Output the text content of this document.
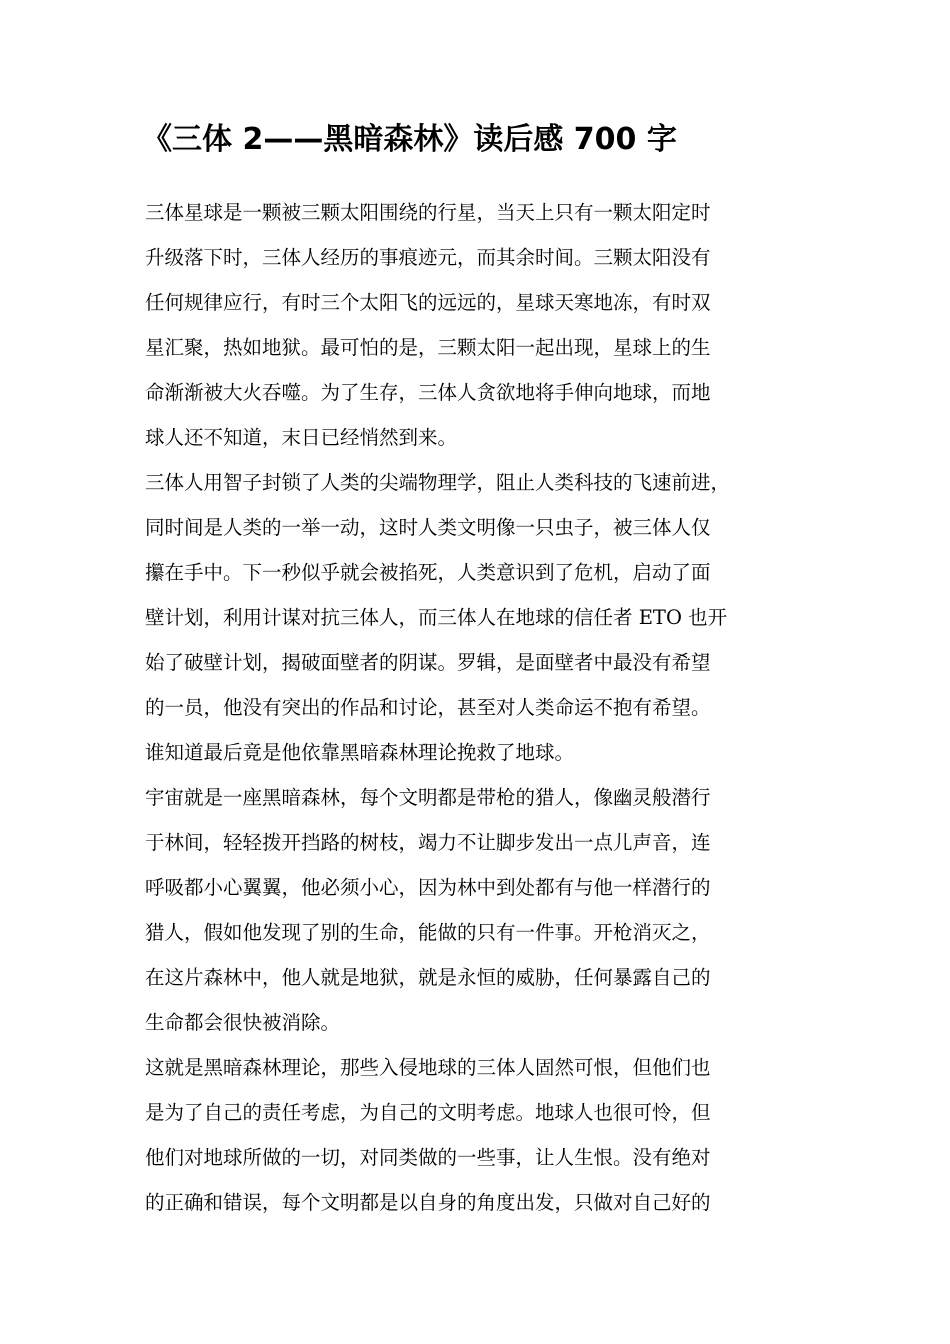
《三体 2——黑暗森林》读后感 700 字
三体星球是一颗被三颗太阳围绕的行星，当天上只有一颗太阳定时
升级落下时，三体人经历的事痕迹元，而其余时间。三颗太阳没有
任何规律应行，有时三个太阳飞的远远的，星球天寒地冻，有时双
星汇聚，热如地狱。最可怕的是，三颗太阳一起出现，星球上的生
命渐渐被大火吞噬。为了生存，三体人贪欲地将手伸向地球，而地
球人还不知道，末日已经悄然到来。
三体人用智子封锁了人类的尖端物理学，阻止人类科技的飞速前进，
同时间是人类的一举一动，这时人类文明像一只虫子，被三体人仅
攥在手中。下一秒似乎就会被掐死，人类意识到了危机，启动了面
壁计划，利用计谋对抗三体人，而三体人在地球的信任者 ETO 也开
始了破壁计划，揭破面壁者的阴谋。罗辑，是面壁者中最没有希望
的一员，他没有突出的作品和讨论，甚至对人类命运不抱有希望。
谁知道最后竟是他依靠黑暗森林理论挽救了地球。
宇宙就是一座黑暗森林，每个文明都是带枪的猎人，像幽灵般潜行
于林间，轻轻拨开挡路的树枝，竭力不让脚步发出一点儿声音，连
呼吸都小心翼翼，他必须小心，因为林中到处都有与他一样潜行的
猎人，假如他发现了别的生命，能做的只有一件事。开枪消灭之，
在这片森林中，他人就是地狱，就是永恒的威胁，任何暴露自己的
生命都会很快被消除。
这就是黑暗森林理论，那些入侵地球的三体人固然可恨，但他们也
是为了自己的责任考虑，为自己的文明考虑。地球人也很可怜，但
他们对地球所做的一切，对同类做的一些事，让人生恨。没有绝对
的正确和错误，每个文明都是以自身的角度出发，只做对自己好的
